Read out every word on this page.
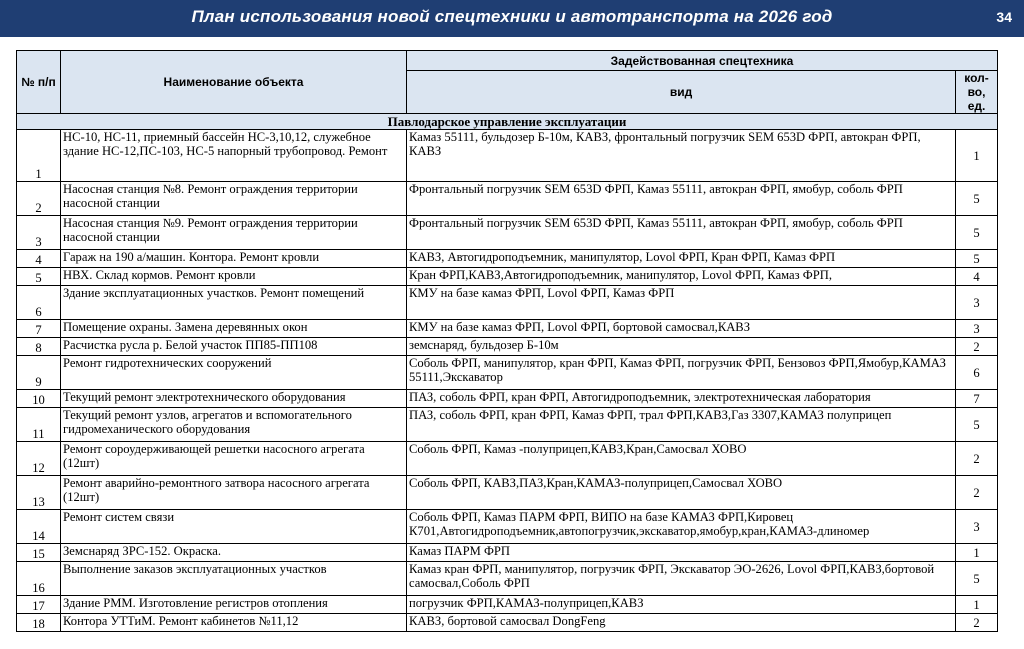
План использования новой спецтехники и автотранспорта на 2026 год	34
№ п/п	Наименование объекта	Задействованная спецтехника	
		вид	кол-во, ед.
Павлодарское управление эксплуатации			
1	НС-10, НС-11, приемный бассейн НС-3,10,12, служебное здание НС-12,ПС-103, НС-5 напорный трубопровод. Ремонт	Камаз 55111, бульдозер Б-10м, КАВЗ, фронтальный погрузчик SEM 653D ФРП, автокран ФРП, КАВЗ	1
2	Насосная станция №8. Ремонт ограждения территории насосной станции	Фронтальный погрузчик SEM 653D ФРП, Камаз 55111, автокран ФРП, ямобур, соболь ФРП	5
3	Насосная станция №9. Ремонт ограждения территории насосной станции	Фронтальный погрузчик SEM 653D ФРП, Камаз 55111, автокран ФРП, ямобур, соболь ФРП	5
4	Гараж на 190 а/машин. Контора. Ремонт кровли	КАВЗ, Автогидроподъемник, манипулятор, Lovol ФРП, Кран ФРП, Камаз ФРП	5
5	НВХ. Склад кормов. Ремонт кровли	Кран ФРП,КАВЗ,Автогидроподъемник, манипулятор, Lovol ФРП, Камаз ФРП,	4
6	Здание эксплуатационных участков. Ремонт помещений	КМУ на базе камаз ФРП, Lovol ФРП, Камаз ФРП	3
7	Помещение охраны. Замена деревянных окон	КМУ на базе камаз ФРП, Lovol ФРП, бортовой самосвал,КАВЗ	3
8	Расчистка русла р. Белой участок ПП85-ПП108	земснаряд, бульдозер Б-10м	2
9	Ремонт гидротехнических сооружений	Соболь ФРП, манипулятор, кран ФРП, Камаз ФРП, погрузчик ФРП, Бензовоз ФРП,Ямобур,КАМАЗ 55111,Экскаватор	6
10	Текущий ремонт электротехнического оборудования	ПАЗ, соболь ФРП, кран ФРП, Автогидроподъемник, электротехническая лаборатория	7
11	Текущий ремонт узлов, агрегатов и вспомогательного гидромеханического оборудования	ПАЗ, соболь ФРП, кран ФРП, Камаз ФРП, трал ФРП,КАВЗ,Газ 3307,КАМАЗ полуприцеп	5
12	Ремонт сороудерживающей решетки насосного агрегата (12шт)	Соболь ФРП, Камаз -полуприцеп,КАВЗ,Кран,Самосвал ХОВО	2
13	Ремонт аварийно-ремонтного затвора насосного агрегата (12шт)	Соболь ФРП, КАВЗ,ПАЗ,Кран,КАМАЗ-полуприцеп,Самосвал ХОВО	2
14	Ремонт систем связи	Соболь ФРП, Камаз ПАРМ ФРП, ВИПО на базе КАМАЗ ФРП,Кировец К701,Автогидроподъемник,автопогрузчик,экскаватор,ямобур,кран,КАМАЗ-длиномер	3
15	Земснаряд ЗРС-152. Окраска.	Камаз ПАРМ ФРП	1
16	Выполнение заказов эксплуатационных участков	Камаз кран ФРП, манипулятор, погрузчик ФРП, Экскаватор ЭО-2626, Lovol ФРП,КАВЗ,бортовой самосвал,Соболь ФРП	5
17	Здание РММ. Изготовление регистров отопления	погрузчик ФРП,КАМАЗ-полуприцеп,КАВЗ	1
18	Контора УТТиМ. Ремонт кабинетов №11,12	КАВЗ, бортовой самосвал DongFeng	2
